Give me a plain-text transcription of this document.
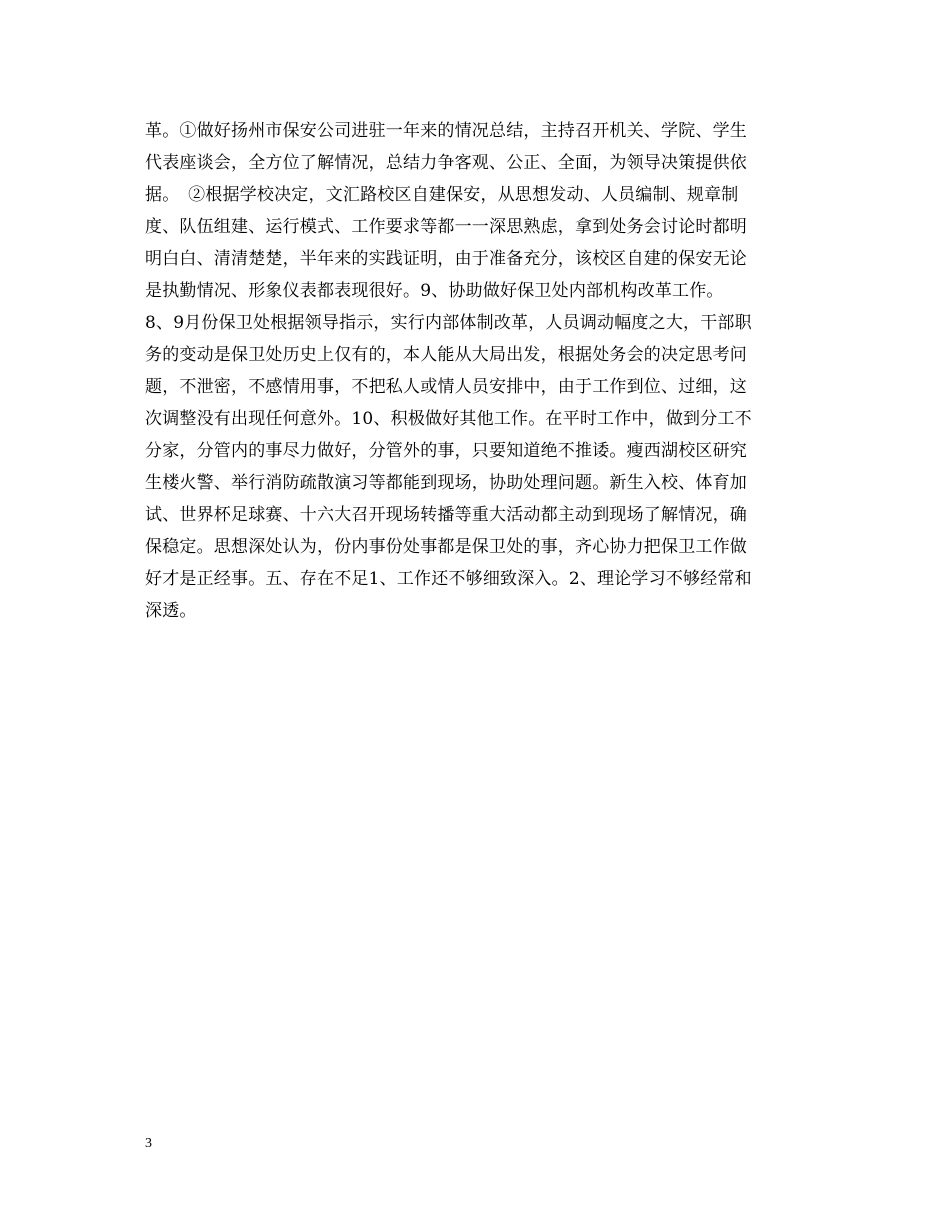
革。①做好扬州市保安公司进驻一年来的情况总结，主持召开机关、学院、学生
代表座谈会，全方位了解情况，总结力争客观、公正、全面，为领导决策提供依
据。　②根据学校决定，文汇路校区自建保安，从思想发动、人员编制、规章制
度、队伍组建、运行模式、工作要求等都一一深思熟虑，拿到处务会讨论时都明
明白白、清清楚楚，半年来的实践证明，由于准备充分，该校区自建的保安无论
是执勤情况、形象仪表都表现很好。9、协助做好保卫处内部机构改革工作。
8、9月份保卫处根据领导指示，实行内部体制改革，人员调动幅度之大，干部职
务的变动是保卫处历史上仅有的，本人能从大局出发，根据处务会的决定思考问
题，不泄密，不感情用事，不把私人或情人员安排中，由于工作到位、过细，这
次调整没有出现任何意外。10、积极做好其他工作。在平时工作中，做到分工不
分家，分管内的事尽力做好，分管外的事，只要知道绝不推诿。瘦西湖校区研究
生楼火警、举行消防疏散演习等都能到现场，协助处理问题。新生入校、体育加
试、世界杯足球赛、十六大召开现场转播等重大活动都主动到现场了解情况，确
保稳定。思想深处认为，份内事份处事都是保卫处的事，齐心协力把保卫工作做
好才是正经事。五、存在不足1、工作还不够细致深入。2、理论学习不够经常和
深透。
3
